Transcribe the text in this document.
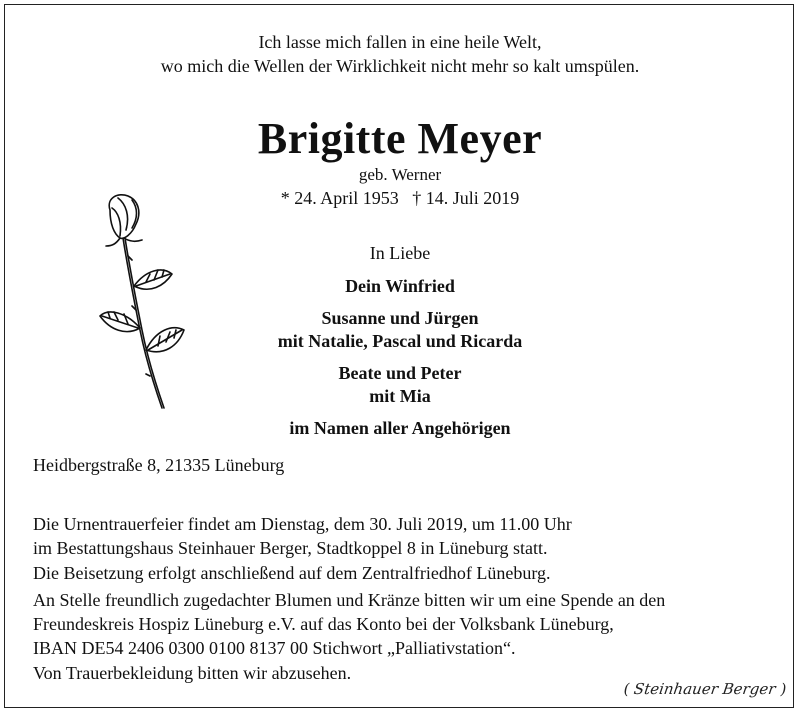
Ich lasse mich fallen in eine heile Welt,
wo mich die Wellen der Wirklichkeit nicht mehr so kalt umspülen.
Brigitte Meyer
geb. Werner
* 24. April 1953   † 14. Juli 2019
In Liebe
Dein Winfried
Susanne und Jürgen
mit Natalie, Pascal und Ricarda
Beate und Peter
mit Mia
im Namen aller Angehörigen
Heidbergstraße 8, 21335 Lüneburg
Die Urnentrauerfeier findet am Dienstag, dem 30. Juli 2019, um 11.00 Uhr
im Bestattungshaus Steinhauer Berger, Stadtkoppel 8 in Lüneburg statt.
Die Beisetzung erfolgt anschließend auf dem Zentralfriedhof Lüneburg.
An Stelle freundlich zugedachter Blumen und Kränze bitten wir um eine Spende an den
Freundeskreis Hospiz Lüneburg e.V. auf das Konto bei der Volksbank Lüneburg,
IBAN DE54 2406 0300 0100 8137 00 Stichwort „Palliativstation“.
Von Trauerbekleidung bitten wir abzusehen.
( Steinhauer Berger )
